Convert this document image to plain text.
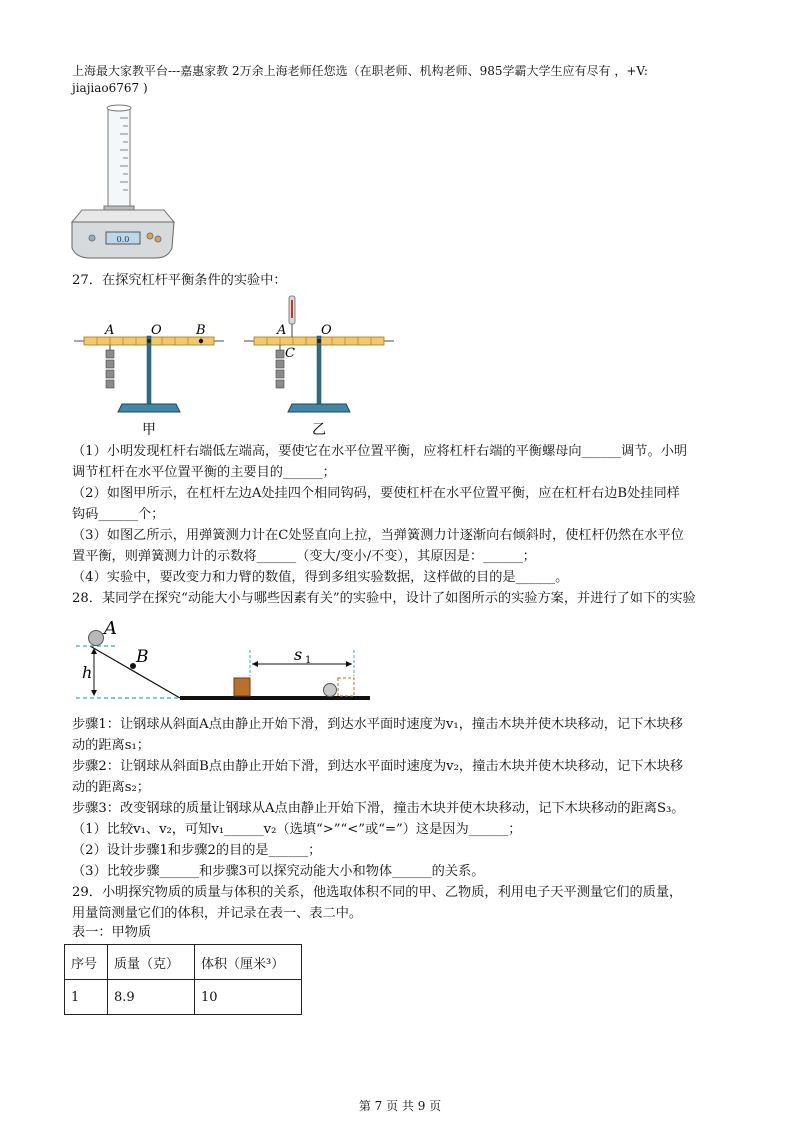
上海最大家教平台---嘉惠家教 2万余上海老师任您选（在职老师、机构老师、985学霸大学生应有尽有 ，+V:
jiajiao6767 )
0.0
27．在探究杠杆平衡条件的实验中：
A	O	B
甲
A	O
C
乙
（1）小明发现杠杆右端低左端高，要使它在水平位置平衡，应将杠杆右端的平衡螺母向______调节。小明
调节杠杆在水平位置平衡的主要目的______；
（2）如图甲所示，在杠杆左边A处挂四个相同钩码，要使杠杆在水平位置平衡，应在杠杆右边B处挂同样
钩码______个；
（3）如图乙所示，用弹簧测力计在C处竖直向上拉，当弹簧测力计逐渐向右倾斜时，使杠杆仍然在水平位
置平衡，则弹簧测力计的示数将______（变大/变小/不变），其原因是：______；
（4）实验中，要改变力和力臂的数值，得到多组实验数据，这样做的目的是______。
28．某同学在探究“动能大小与哪些因素有关”的实验中，设计了如图所示的实验方案，并进行了如下的实验
A
B
h
s 1
步骤1：让钢球从斜面A点由静止开始下滑，到达水平面时速度为v₁，撞击木块并使木块移动，记下木块移
动的距离s₁；
步骤2：让钢球从斜面B点由静止开始下滑，到达水平面时速度为v₂，撞击木块并使木块移动，记下木块移
动的距离s₂；
步骤3：改变钢球的质量让钢球从A点由静止开始下滑，撞击木块并使木块移动，记下木块移动的距离S₃。
（1）比较v₁、v₂，可知v₁______v₂（选填“>”“<”或“=”）这是因为______；
（2）设计步骤1和步骤2的目的是______；
（3）比较步骤______和步骤3可以探究动能大小和物体______的关系。
29．小明探究物质的质量与体积的关系，他选取体积不同的甲、乙物质，利用电子天平测量它们的质量，
用量筒测量它们的体积，并记录在表一、表二中。
表一：甲物质
序号	质量（克）	体积（厘米³）
1	8.9	10
第 7 页 共 9 页
